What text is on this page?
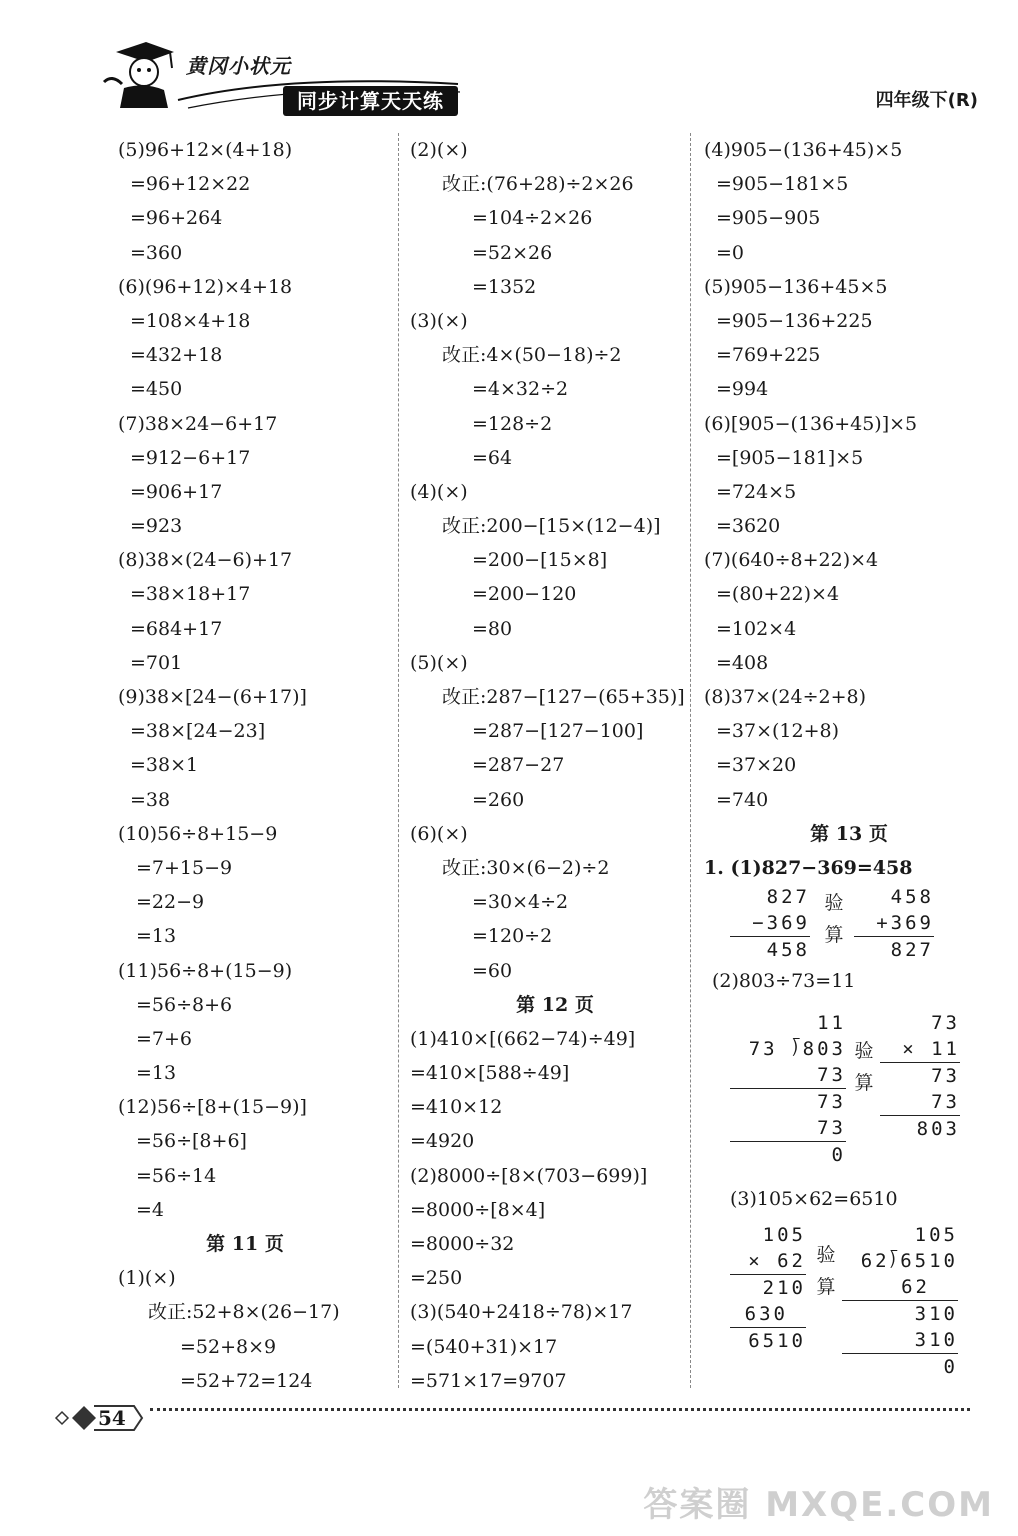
黄冈小状元
同步计算天天练	四年级下(R)
(5)96+12×(4+18)
=96+12×22
=96+264
=360
(6)(96+12)×4+18
=108×4+18
=432+18
=450
(7)38×24−6+17
=912−6+17
=906+17
=923
(8)38×(24−6)+17
=38×18+17
=684+17
=701
(9)38×[24−(6+17)]
=38×[24−23]
=38×1
=38
(10)56÷8+15−9
=7+15−9
=22−9
=13
(11)56÷8+(15−9)
=56÷8+6
=7+6
=13
(12)56÷[8+(15−9)]
=56÷[8+6]
=56÷14
=4
第 11 页
(1)(×)
改正:52+8×(26−17)
=52+8×9
=52+72=124
(2)(×)
改正:(76+28)÷2×26
=104÷2×26
=52×26
=1352
(3)(×)
改正:4×(50−18)÷2
=4×32÷2
=128÷2
=64
(4)(×)
改正:200−[15×(12−4)]
=200−[15×8]
=200−120
=80
(5)(×)
改正:287−[127−(65+35)]
=287−[127−100]
=287−27
=260
(6)(×)
改正:30×(6−2)÷2
=30×4÷2
=120÷2
=60
第 12 页
(1)410×[(662−74)÷49]
=410×[588÷49]
=410×12
=4920
(2)8000÷[8×(703−699)]
=8000÷[8×4]
=8000÷32
=250
(3)(540+2418÷78)×17
=(540+31)×17
=571×17=9707
(4)905−(136+45)×5
=905−181×5
=905−905
=0
(5)905−136+45×5
=905−136+225
=769+225
=994
(6)[905−(136+45)]×5
=[905−181]×5
=724×5
=3620
(7)(640÷8+22)×4
=(80+22)×4
=102×4
=408
(8)37×(24÷2+8)
=37×(12+8)
=37×20
=740
第 13 页
1. (1)827−369=458
827
−369
458
验
算
458
+369
827
(2)803÷73=11
11
73 ⟌803
73
73
73
0
验
算
73
× 11
73
73
803
(3)105×62=6510
105
× 62
210
630
6510
验
算
105
62⟌6510
62
310
310
0
54
答案圈 MXQE.COM
